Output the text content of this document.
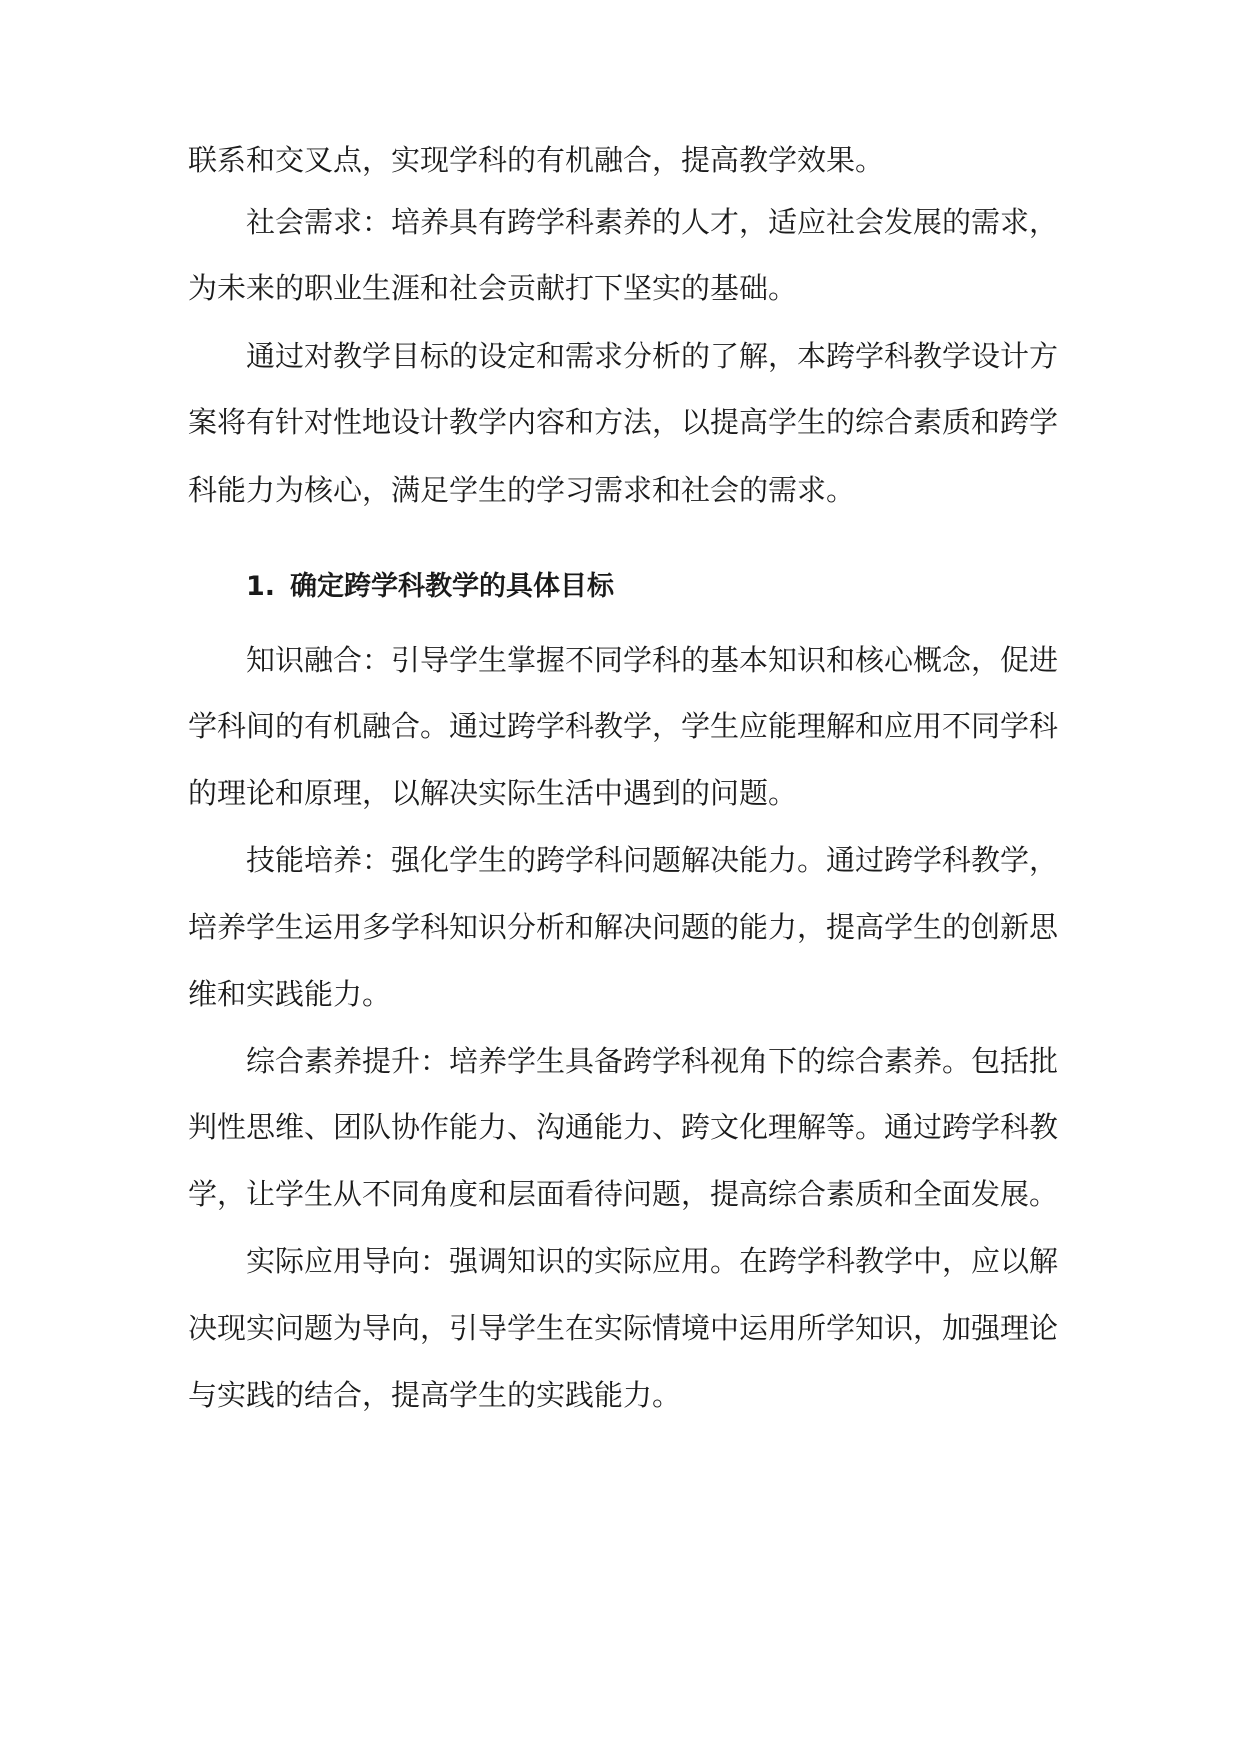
联系和交叉点，实现学科的有机融合，提高教学效果。
社会需求：培养具有跨学科素养的人才，适应社会发展的需求，
为未来的职业生涯和社会贡献打下坚实的基础。
通过对教学目标的设定和需求分析的了解，本跨学科教学设计方
案将有针对性地设计教学内容和方法，以提高学生的综合素质和跨学
科能力为核心，满足学生的学习需求和社会的需求。
1. 确定跨学科教学的具体目标
知识融合：引导学生掌握不同学科的基本知识和核心概念，促进
学科间的有机融合。通过跨学科教学，学生应能理解和应用不同学科
的理论和原理，以解决实际生活中遇到的问题。
技能培养：强化学生的跨学科问题解决能力。通过跨学科教学，
培养学生运用多学科知识分析和解决问题的能力，提高学生的创新思
维和实践能力。
综合素养提升：培养学生具备跨学科视角下的综合素养。包括批
判性思维、团队协作能力、沟通能力、跨文化理解等。通过跨学科教
学，让学生从不同角度和层面看待问题，提高综合素质和全面发展。
实际应用导向：强调知识的实际应用。在跨学科教学中，应以解
决现实问题为导向，引导学生在实际情境中运用所学知识，加强理论
与实践的结合，提高学生的实践能力。
